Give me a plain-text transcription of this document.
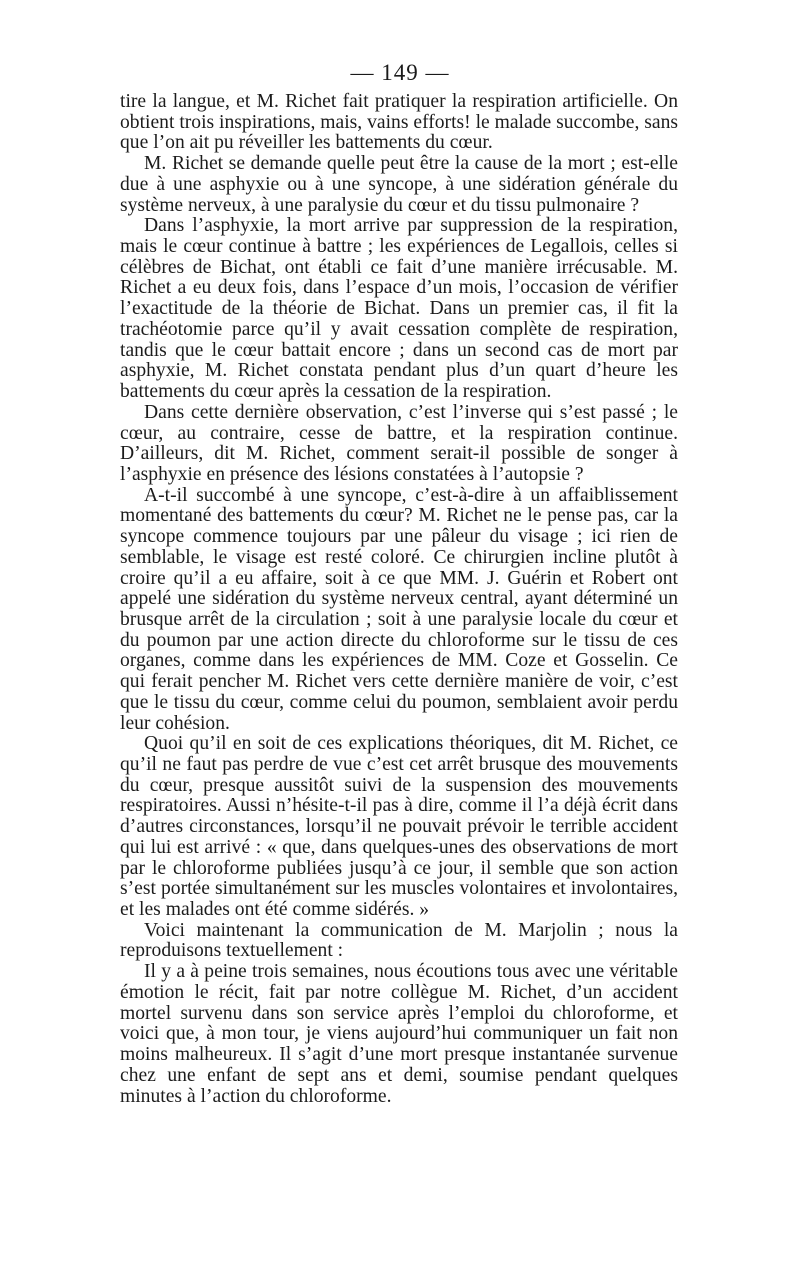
— 149 —

tire la langue, et M. Richet fait pratiquer la respiration artificielle. On obtient trois inspirations, mais, vains efforts! le malade succombe, sans que l’on ait pu réveiller les battements du cœur.

M. Richet se demande quelle peut être la cause de la mort ; est-elle due à une asphyxie ou à une syncope, à une sidération générale du système nerveux, à une paralysie du cœur et du tissu pulmonaire ?

Dans l’asphyxie, la mort arrive par suppression de la respiration, mais le cœur continue à battre ; les expériences de Legallois, celles si célèbres de Bichat, ont établi ce fait d’une manière irrécusable. M. Richet a eu deux fois, dans l’espace d’un mois, l’occasion de vérifier l’exactitude de la théorie de Bichat. Dans un premier cas, il fit la trachéotomie parce qu’il y avait cessation complète de respiration, tandis que le cœur battait encore ; dans un second cas de mort par asphyxie, M. Richet constata pendant plus d’un quart d’heure les battements du cœur après la cessation de la respiration.

Dans cette dernière observation, c’est l’inverse qui s’est passé ; le cœur, au contraire, cesse de battre, et la respiration continue. D’ailleurs, dit M. Richet, comment serait-il possible de songer à l’asphyxie en présence des lésions constatées à l’autopsie ?

A-t-il succombé à une syncope, c’est-à-dire à un affaiblissement momentané des battements du cœur? M. Richet ne le pense pas, car la syncope commence toujours par une pâleur du visage ; ici rien de semblable, le visage est resté coloré. Ce chirurgien incline plutôt à croire qu’il a eu affaire, soit à ce que MM. J. Guérin et Robert ont appelé une sidération du système nerveux central, ayant déterminé un brusque arrêt de la circulation ; soit à une paralysie locale du cœur et du poumon par une action directe du chloroforme sur le tissu de ces organes, comme dans les expériences de MM. Coze et Gosselin. Ce qui ferait pencher M. Richet vers cette dernière manière de voir, c’est que le tissu du cœur, comme celui du poumon, semblaient avoir perdu leur cohésion.

Quoi qu’il en soit de ces explications théoriques, dit M. Richet, ce qu’il ne faut pas perdre de vue c’est cet arrêt brusque des mouvements du cœur, presque aussitôt suivi de la suspension des mouvements respiratoires. Aussi n’hésite-t-il pas à dire, comme il l’a déjà écrit dans d’autres circonstances, lorsqu’il ne pouvait prévoir le terrible accident qui lui est arrivé : « que, dans quelques-unes des observations de mort par le chloroforme publiées jusqu’à ce jour, il semble que son action s’est portée simultanément sur les muscles volontaires et involontaires, et les malades ont été comme sidérés. »

Voici maintenant la communication de M. Marjolin ; nous la reproduisons textuellement :

Il y a à peine trois semaines, nous écoutions tous avec une véritable émotion le récit, fait par notre collègue M. Richet, d’un accident mortel survenu dans son service après l’emploi du chloroforme, et voici que, à mon tour, je viens aujourd’hui communiquer un fait non moins malheureux. Il s’agit d’une mort presque instantanée survenue chez une enfant de sept ans et demi, soumise pendant quelques minutes à l’action du chloroforme.
